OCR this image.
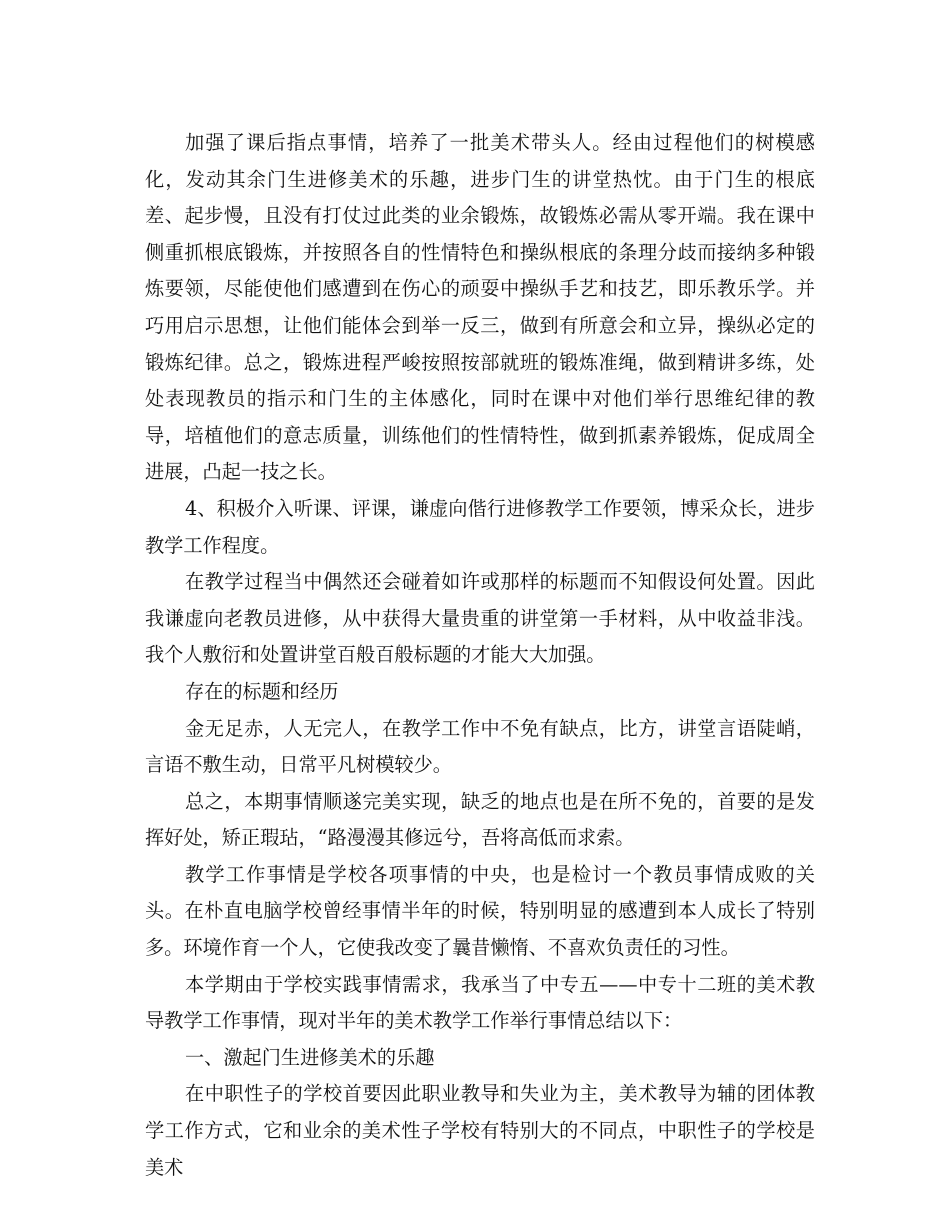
加强了课后指点事情，培养了一批美术带头人。经由过程他们的树模感化，发动其余门生进修美术的乐趣，进步门生的讲堂热忱。由于门生的根底差、起步慢，且没有打仗过此类的业余锻炼，故锻炼必需从零开端。我在课中侧重抓根底锻炼，并按照各自的性情特色和操纵根底的条理分歧而接纳多种锻炼要领，尽能使他们感遭到在伤心的顽耍中操纵手艺和技艺，即乐教乐学。并巧用启示思想，让他们能体会到举一反三，做到有所意会和立异，操纵必定的锻炼纪律。总之，锻炼进程严峻按照按部就班的锻炼准绳，做到精讲多练，处处表现教员的指示和门生的主体感化，同时在课中对他们举行思维纪律的教导，培植他们的意志质量，训练他们的性情特性，做到抓素养锻炼，促成周全进展，凸起一技之长。

4、积极介入听课、评课，谦虚向偕行进修教学工作要领，博采众长，进步教学工作程度。

在教学过程当中偶然还会碰着如许或那样的标题而不知假设何处置。因此我谦虚向老教员进修，从中获得大量贵重的讲堂第一手材料，从中收益非浅。我个人敷衍和处置讲堂百般百般标题的才能大大加强。

存在的标题和经历

金无足赤，人无完人，在教学工作中不免有缺点，比方，讲堂言语陡峭，言语不敷生动，日常平凡树模较少。

总之，本期事情顺遂完美实现，缺乏的地点也是在所不免的，首要的是发挥好处，矫正瑕玷，“路漫漫其修远兮，吾将高低而求索。

教学工作事情是学校各项事情的中央，也是检讨一个教员事情成败的关头。在朴直电脑学校曾经事情半年的时候，特别明显的感遭到本人成长了特别多。环境作育一个人，它使我改变了曩昔懒惰、不喜欢负责任的习性。

本学期由于学校实践事情需求，我承当了中专五——中专十二班的美术教导教学工作事情，现对半年的美术教学工作举行事情总结以下：

一、激起门生进修美术的乐趣

在中职性子的学校首要因此职业教导和失业为主，美术教导为辅的团体教学工作方式，它和业余的美术性子学校有特别大的不同点，中职性子的学校是美术
